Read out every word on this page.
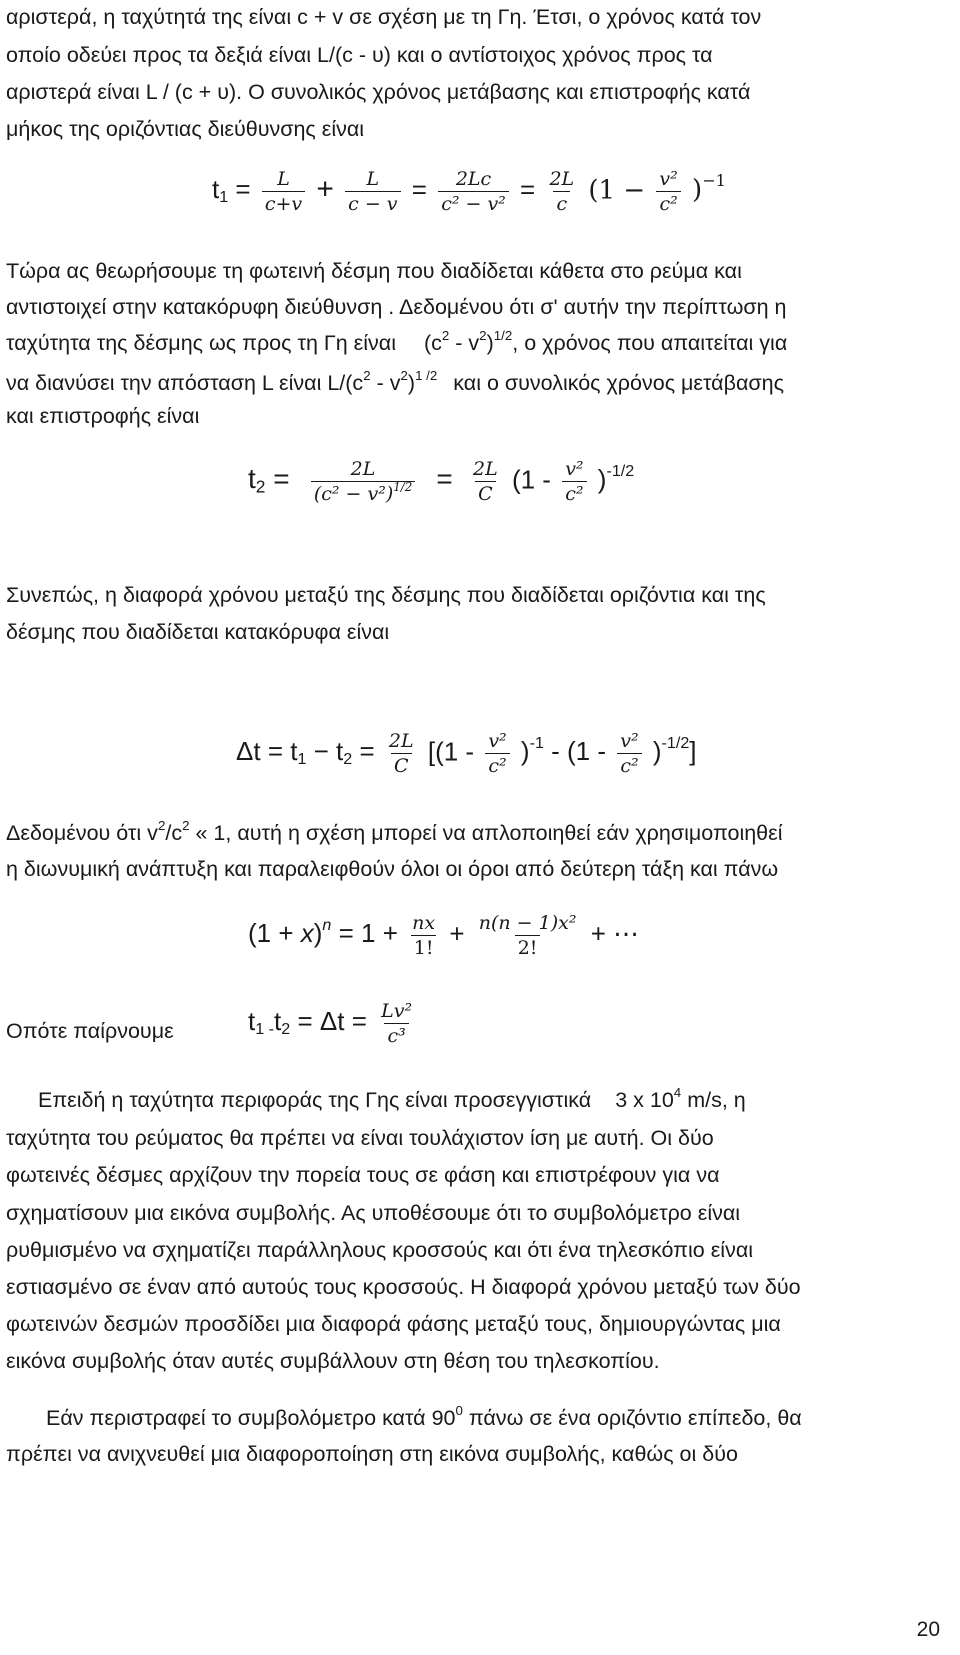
αριστερά, η ταχύτητά της είναι c + v σε σχέση με τη Γη. Έτσι, ο χρόνος κατά τον
οποίο οδεύει προς τα δεξιά είναι L/(c - υ) και ο αντίστοιχος χρόνος προς τα
αριστερά είναι L / (c + υ). Ο συνολικός χρόνος μετάβασης και επιστροφής κατά
μήκος της οριζόντιας διεύθυνσης είναι
$t_1 = \frac{L}{c+v} + \frac{L}{c - v} = \frac{2Lc}{\text{c² − v²}} = \frac{2L}{c} (1 - \frac{\text{v²}}{\text{c²}} )^{-1}$
Τώρα ας θεωρήσουμε τη φωτεινή δέσμη που διαδίδεται κάθετα στο ρεύμα και
αντιστοιχεί στην κατακόρυφη διεύθυνση . Δεδομένου ότι σ' αυτήν την περίπτωση η
ταχύτητα της δέσμης ως προς τη Γη είναι $(c^2 - v^2)^{1/2}$, ο χρόνος που απαιτείται για
να διανύσει την απόσταση L είναι $L/(c^2 - v^2)^{1 /2}$ και ο συνολικός χρόνος μετάβασης
και επιστροφής είναι
$t_2 = \frac{2L}{(c^2 - v^2)^{1/2}} = \frac{2L}{C} (1 - \frac{\text{v²}}{\text{c²}} )^{-1/2}$
Συνεπώς, η διαφορά χρόνου μεταξύ της δέσμης που διαδίδεται οριζόντια και της
δέσμης που διαδίδεται κατακόρυφα είναι
$\Delta t = t_1 - t_2 = \frac{2L}{C} [(1 - \frac{\text{v²}}{\text{c²}} )^{-1} - (1 - \frac{\text{v²}}{\text{c²}} )^{-1/2}]$
Δεδομένου ότι $v^2/c^2$ « 1, αυτή η σχέση μπορεί να απλοποιηθεί εάν χρησιμοποιηθεί
η διωνυμική ανάπτυξη και παραλειφθούν όλοι οι όροι από δεύτερη τάξη και πάνω
$(1 + x)^n = 1 + \frac{nx}{1!} + \frac{\text{n(n − 1)x²}}{2!}$ + ⋯
Οπότε παίρνουμε	$t_{1 -}t_2 = \Delta t = \frac{\text{Lv²}}{\text{c³}}$
Επειδή η ταχύτητα περιφοράς της Γης είναι προσεγγιστικά 3 x $10^4$ m/s, η
ταχύτητα του ρεύματος θα πρέπει να είναι τουλάχιστον ίση με αυτή. Οι δύο
φωτεινές δέσμες αρχίζουν την πορεία τους σε φάση και επιστρέφουν για να
σχηματίσουν μια εικόνα συμβολής. Ας υποθέσουμε ότι το συμβολόμετρο είναι
ρυθμισμένο να σχηματίζει παράλληλους κροσσούς και ότι ένα τηλεσκόπιο είναι
εστιασμένο σε έναν από αυτούς τους κροσσούς. Η διαφορά χρόνου μεταξύ των δύο
φωτεινών δεσμών προσδίδει μια διαφορά φάσης μεταξύ τους, δημιουργώντας μια
εικόνα συμβολής όταν αυτές συμβάλλουν στη θέση του τηλεσκοπίου.
Εάν περιστραφεί το συμβολόμετρο κατά $90^0$ πάνω σε ένα οριζόντιο επίπεδο, θα
πρέπει να ανιχνευθεί μια διαφοροποίηση στη εικόνα συμβολής, καθώς οι δύο
20
